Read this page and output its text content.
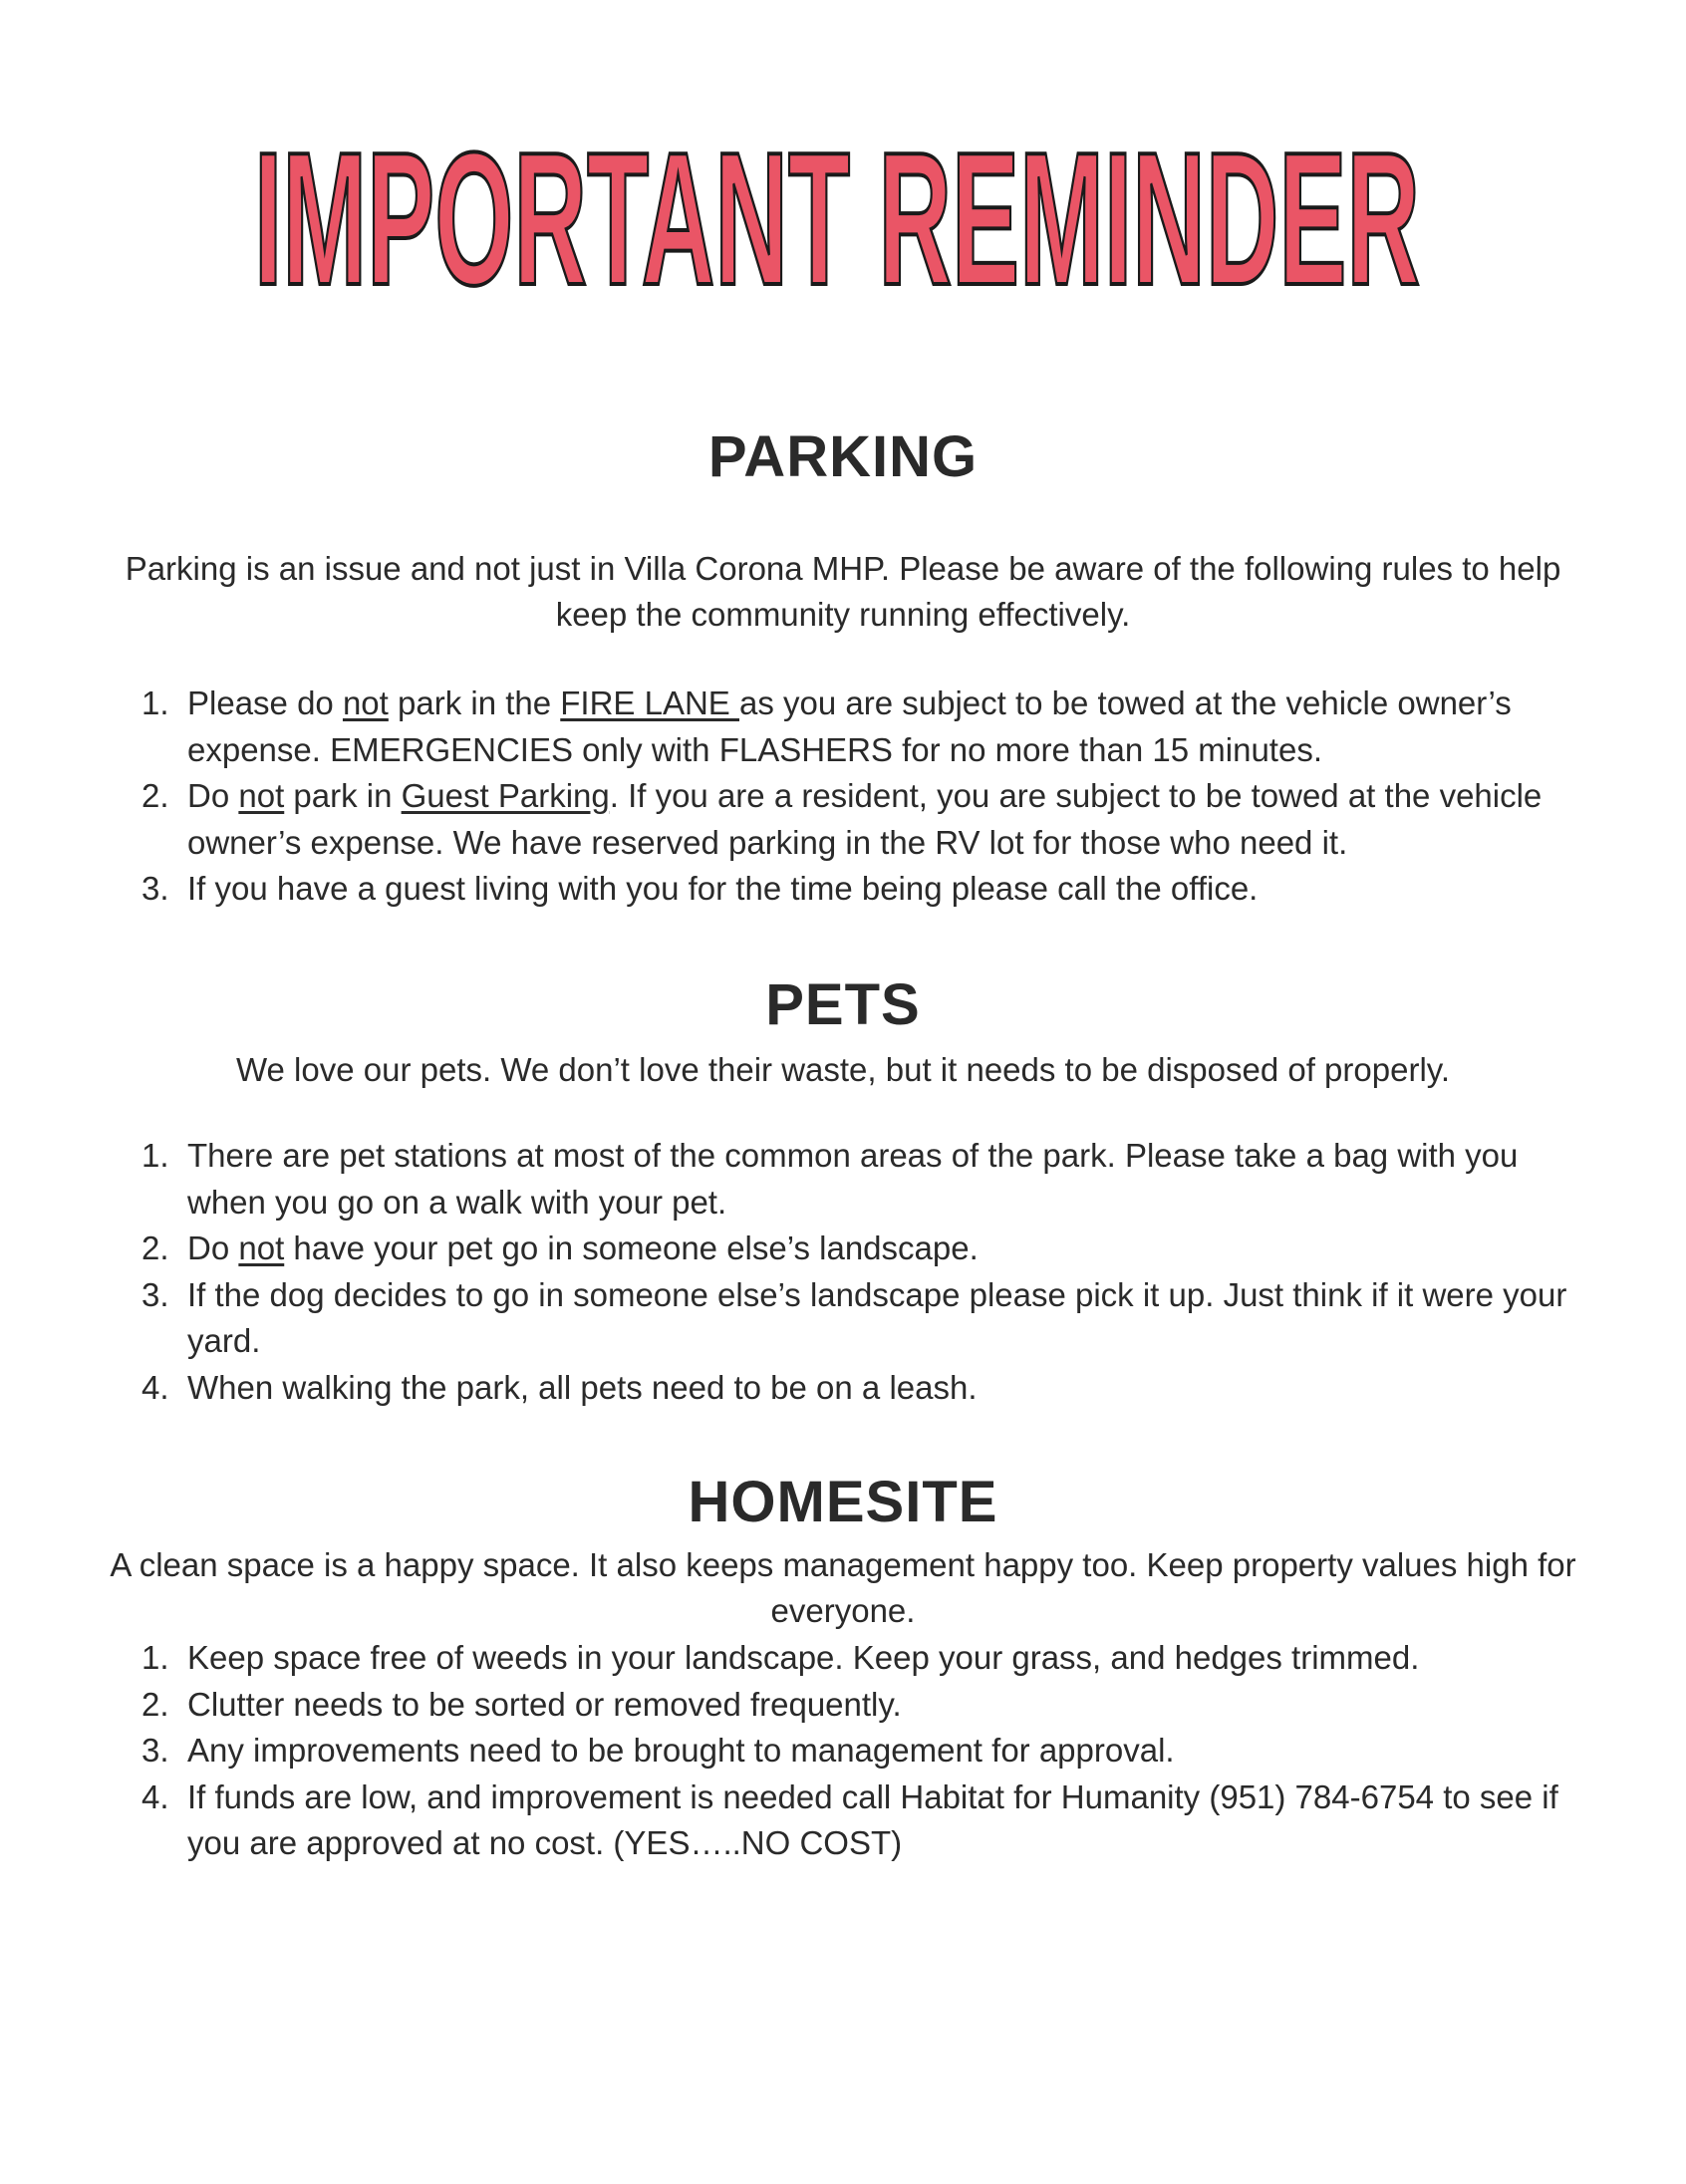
IMPORTANT REMINDER
PARKING
Parking is an issue and not just in Villa Corona MHP. Please be aware of the following rules to help keep the community running effectively.
1. Please do not park in the FIRE LANE as you are subject to be towed at the vehicle owner’s expense. EMERGENCIES only with FLASHERS for no more than 15 minutes.
2. Do not park in Guest Parking. If you are a resident, you are subject to be towed at the vehicle owner’s expense. We have reserved parking in the RV lot for those who need it.
3. If you have a guest living with you for the time being please call the office.
PETS
We love our pets. We don’t love their waste, but it needs to be disposed of properly.
1. There are pet stations at most of the common areas of the park. Please take a bag with you when you go on a walk with your pet.
2. Do not have your pet go in someone else’s landscape.
3. If the dog decides to go in someone else’s landscape please pick it up. Just think if it were your yard.
4. When walking the park, all pets need to be on a leash.
HOMESITE
A clean space is a happy space. It also keeps management happy too. Keep property values high for everyone.
1. Keep space free of weeds in your landscape. Keep your grass, and hedges trimmed.
2. Clutter needs to be sorted or removed frequently.
3. Any improvements need to be brought to management for approval.
4. If funds are low, and improvement is needed call Habitat for Humanity (951) 784-6754 to see if you are approved at no cost. (YES…..NO COST)
